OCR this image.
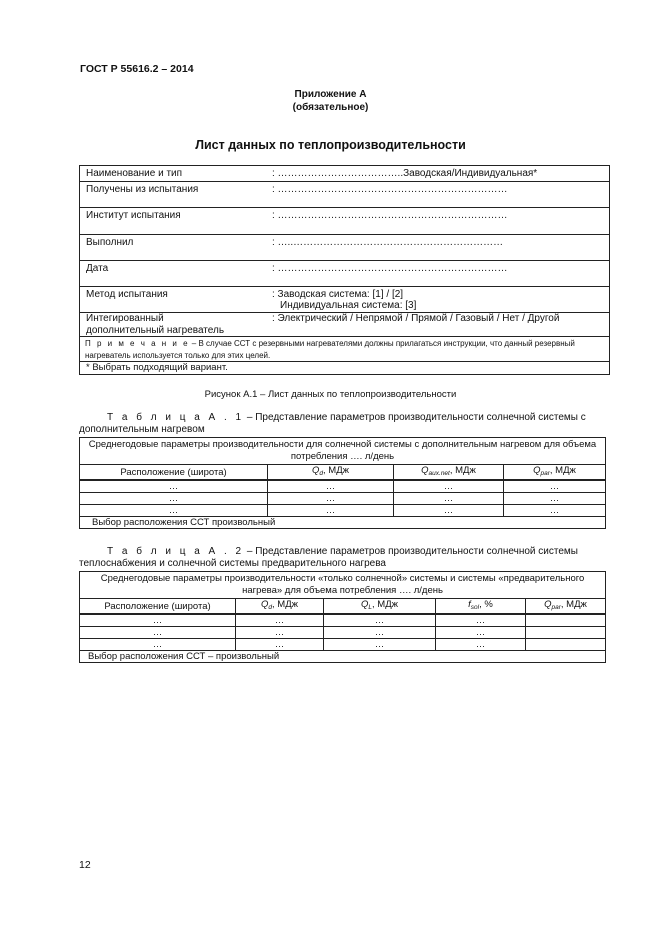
ГОСТ Р 55616.2 – 2014
Приложение А
(обязательное)
Лист данных по теплопроизводительности
Наименование и тип	: ………………………………..Заводская/Индивидуальная*
Получены из испытания	: ……………………………………………………………
Институт испытания	: ……………………………………………………………
Выполнил	: …..………………………………………………………
Дата	: ……………………………………………………………
Метод испытания	: Заводская система: [1] / [2]
Индивидуальная система: [3]
Интегированный
дополнительный нагреватель
: Электрический / Непрямой / Прямой / Газовый / Нет / Другой
П р и м е ч а н и е – В случае ССТ с резервными нагревателями должны прилагаться инструкции, что данный резервный нагреватель используется только для этих целей.
* Выбрать подходящий вариант.
Рисунок А.1 – Лист данных по теплопроизводительности
Т а б л и ц а А . 1 – Представление параметров производительности солнечной системы с
дополнительным нагревом
Среднегодовые параметры производительности для солнечной системы с дополнительным нагревом для объема потребления …. л/день			
Расположение (широта)	$Q_d$, МДж	$Q_{aux.net}$, МДж	$Q_{par}$, МДж
…	…	…	…
…	…	…	…
…	…	…	…
Выбор расположения ССТ произвольный			
Т а б л и ц а А . 2 – Представление параметров производительности солнечной системы
теплоснабжения и солнечной системы предварительного нагрева
Среднегодовые параметры производительности «только солнечной» системы и системы «предварительного нагрева» для объема потребления …. л/день				
Расположение (широта)	$Q_d$, МДж	$Q_L$, МДж	$f_{sol}$, %	$Q_{par}$, МДж
…	…	…	…	
…	…	…	…	
…	…	…	…	
Выбор расположения ССТ – произвольный				
12
